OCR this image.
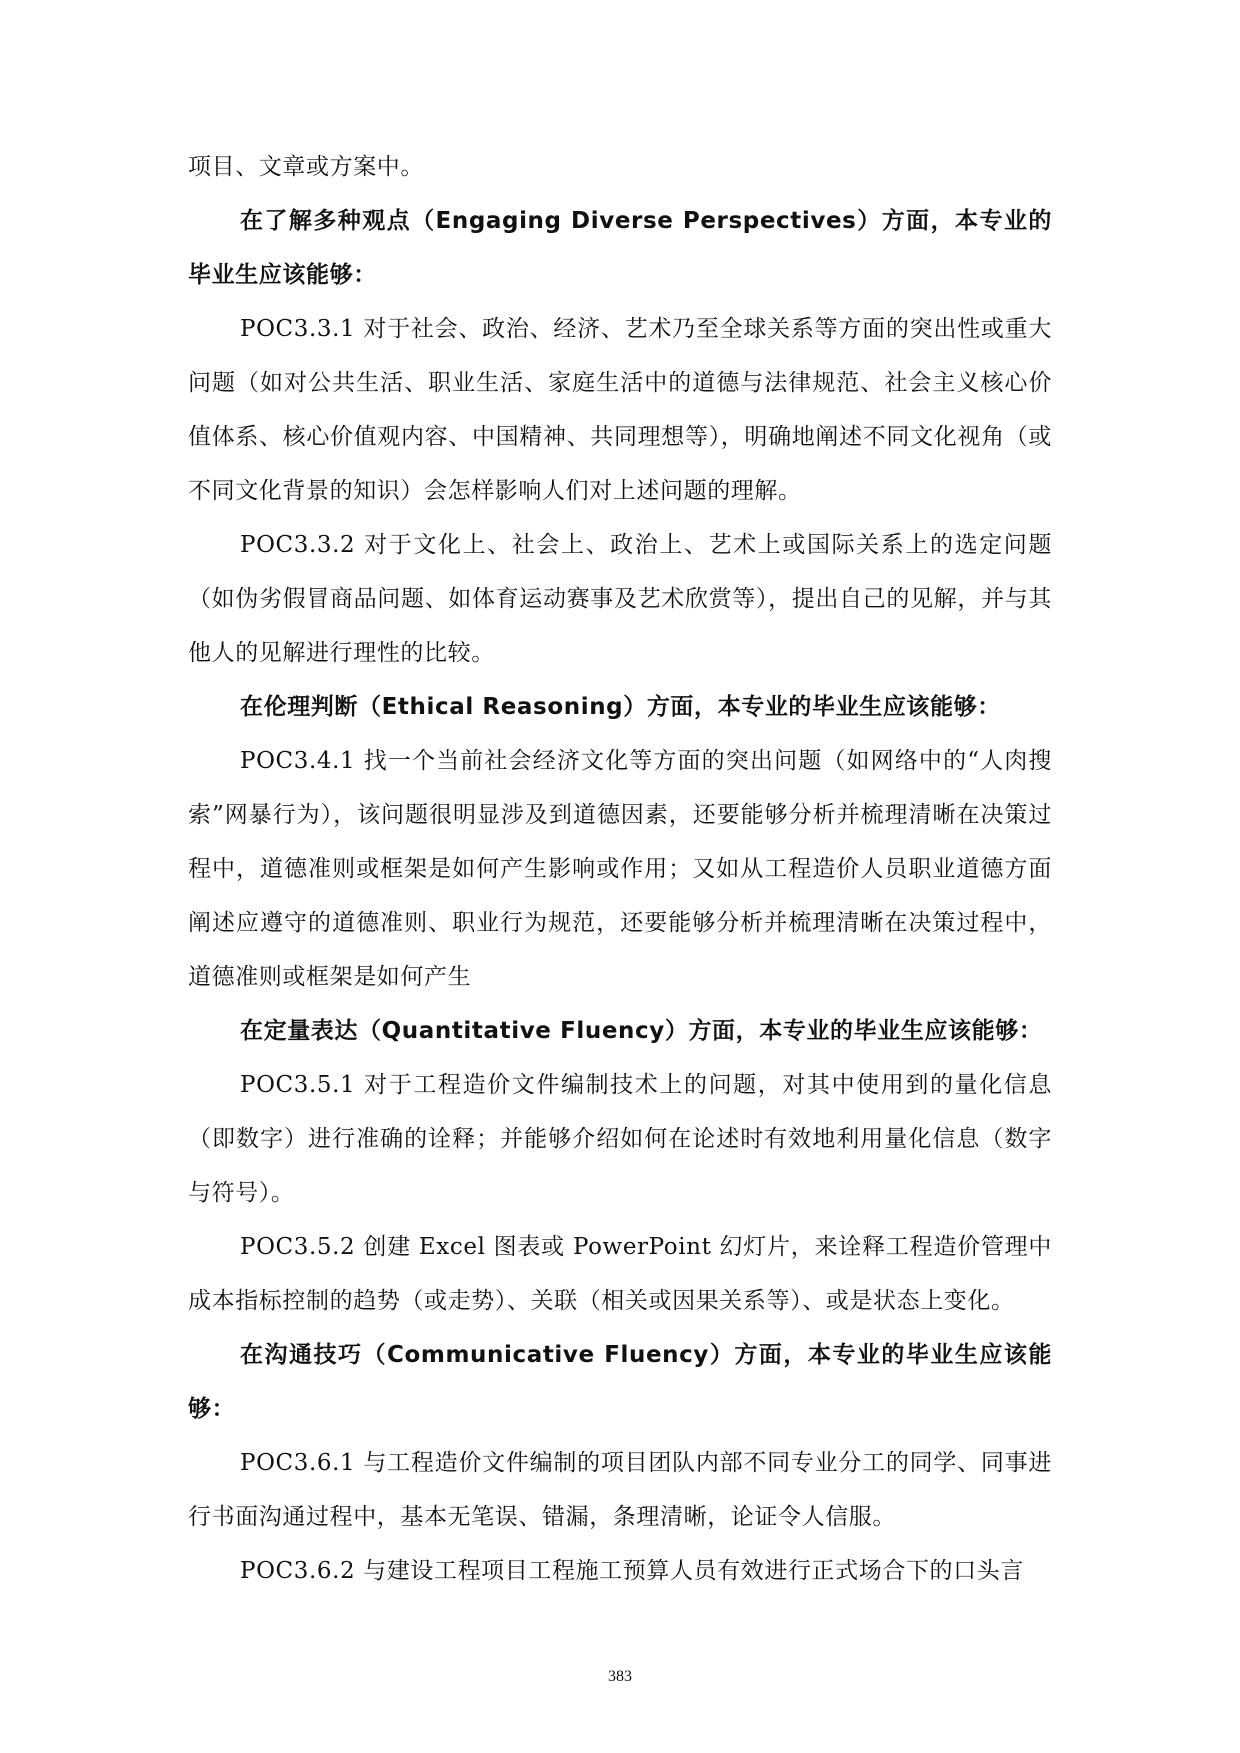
项目、文章或方案中。

在了解多种观点（Engaging Diverse Perspectives）方面，本专业的毕业生应该能够：

POC3.3.1 对于社会、政治、经济、艺术乃至全球关系等方面的突出性或重大问题（如对公共生活、职业生活、家庭生活中的道德与法律规范、社会主义核心价值体系、核心价值观内容、中国精神、共同理想等），明确地阐述不同文化视角（或不同文化背景的知识）会怎样影响人们对上述问题的理解。

POC3.3.2 对于文化上、社会上、政治上、艺术上或国际关系上的选定问题（如伪劣假冒商品问题、如体育运动赛事及艺术欣赏等），提出自己的见解，并与其他人的见解进行理性的比较。

在伦理判断（Ethical Reasoning）方面，本专业的毕业生应该能够：

POC3.4.1 找一个当前社会经济文化等方面的突出问题（如网络中的“人肉搜索”网暴行为），该问题很明显涉及到道德因素，还要能够分析并梳理清晰在决策过程中，道德准则或框架是如何产生影响或作用；又如从工程造价人员职业道德方面阐述应遵守的道德准则、职业行为规范，还要能够分析并梳理清晰在决策过程中，道德准则或框架是如何产生

在定量表达（Quantitative Fluency）方面，本专业的毕业生应该能够：

POC3.5.1 对于工程造价文件编制技术上的问题，对其中使用到的量化信息（即数字）进行准确的诠释；并能够介绍如何在论述时有效地利用量化信息（数字与符号）。

POC3.5.2 创建 Excel 图表或 PowerPoint 幻灯片，来诠释工程造价管理中成本指标控制的趋势（或走势）、关联（相关或因果关系等）、或是状态上变化。

在沟通技巧（Communicative Fluency）方面，本专业的毕业生应该能够：

POC3.6.1 与工程造价文件编制的项目团队内部不同专业分工的同学、同事进行书面沟通过程中，基本无笔误、错漏，条理清晰，论证令人信服。

POC3.6.2 与建设工程项目工程施工预算人员有效进行正式场合下的口头言

383
